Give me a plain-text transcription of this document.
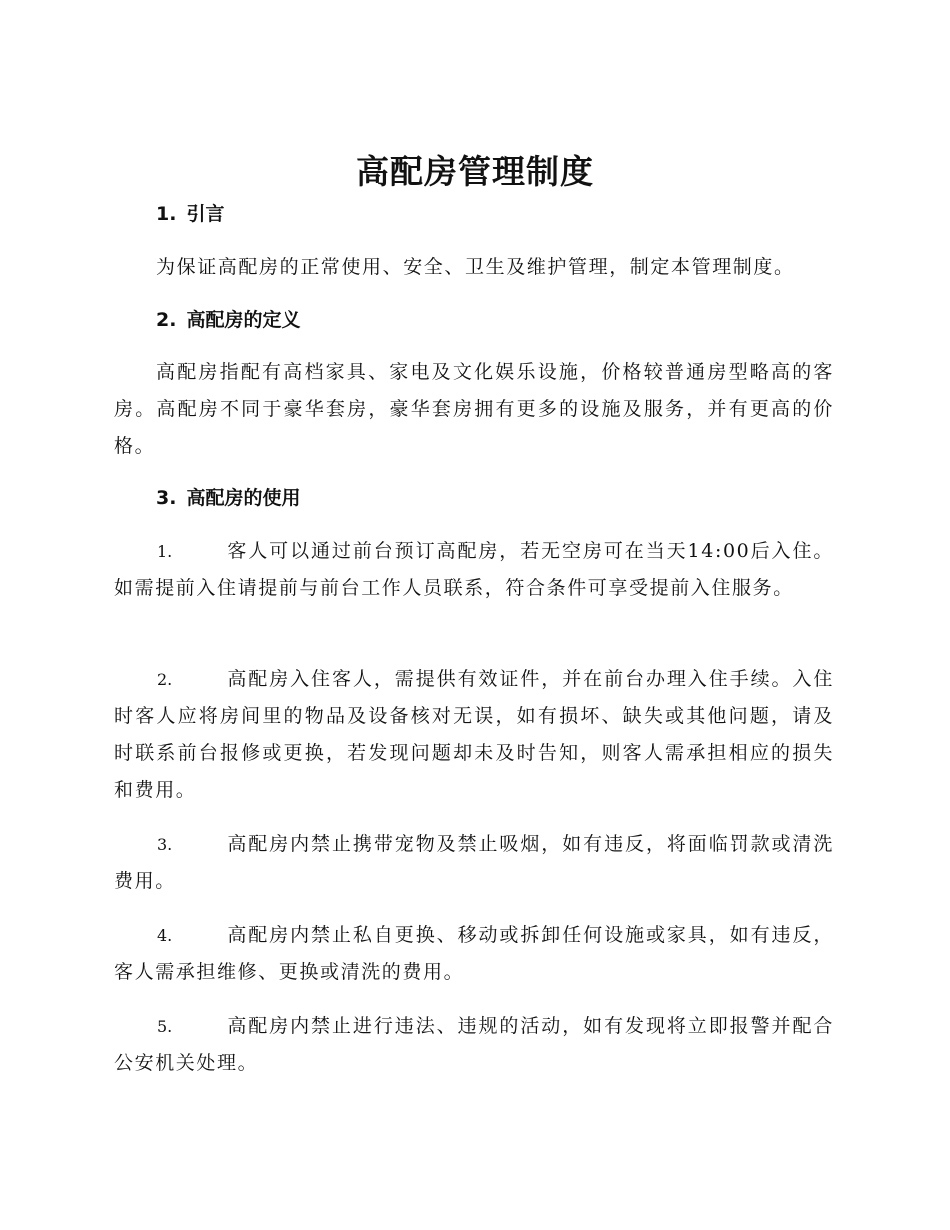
高配房管理制度
1. 引言

为保证高配房的正常使用、安全、卫生及维护管理，制定本管理制度。

2. 高配房的定义

高配房指配有高档家具、家电及文化娱乐设施，价格较普通房型略高的客房。高配房不同于豪华套房，豪华套房拥有更多的设施及服务，并有更高的价格。

3. 高配房的使用

1.	客人可以通过前台预订高配房，若无空房可在当天14:00后入住。如需提前入住请提前与前台工作人员联系，符合条件可享受提前入住服务。

2.	高配房入住客人，需提供有效证件，并在前台办理入住手续。入住时客人应将房间里的物品及设备核对无误，如有损坏、缺失或其他问题，请及时联系前台报修或更换，若发现问题却未及时告知，则客人需承担相应的损失和费用。

3.	高配房内禁止携带宠物及禁止吸烟，如有违反，将面临罚款或清洗费用。

4.	高配房内禁止私自更换、移动或拆卸任何设施或家具，如有违反，客人需承担维修、更换或清洗的费用。

5.	高配房内禁止进行违法、违规的活动，如有发现将立即报警并配合公安机关处理。
